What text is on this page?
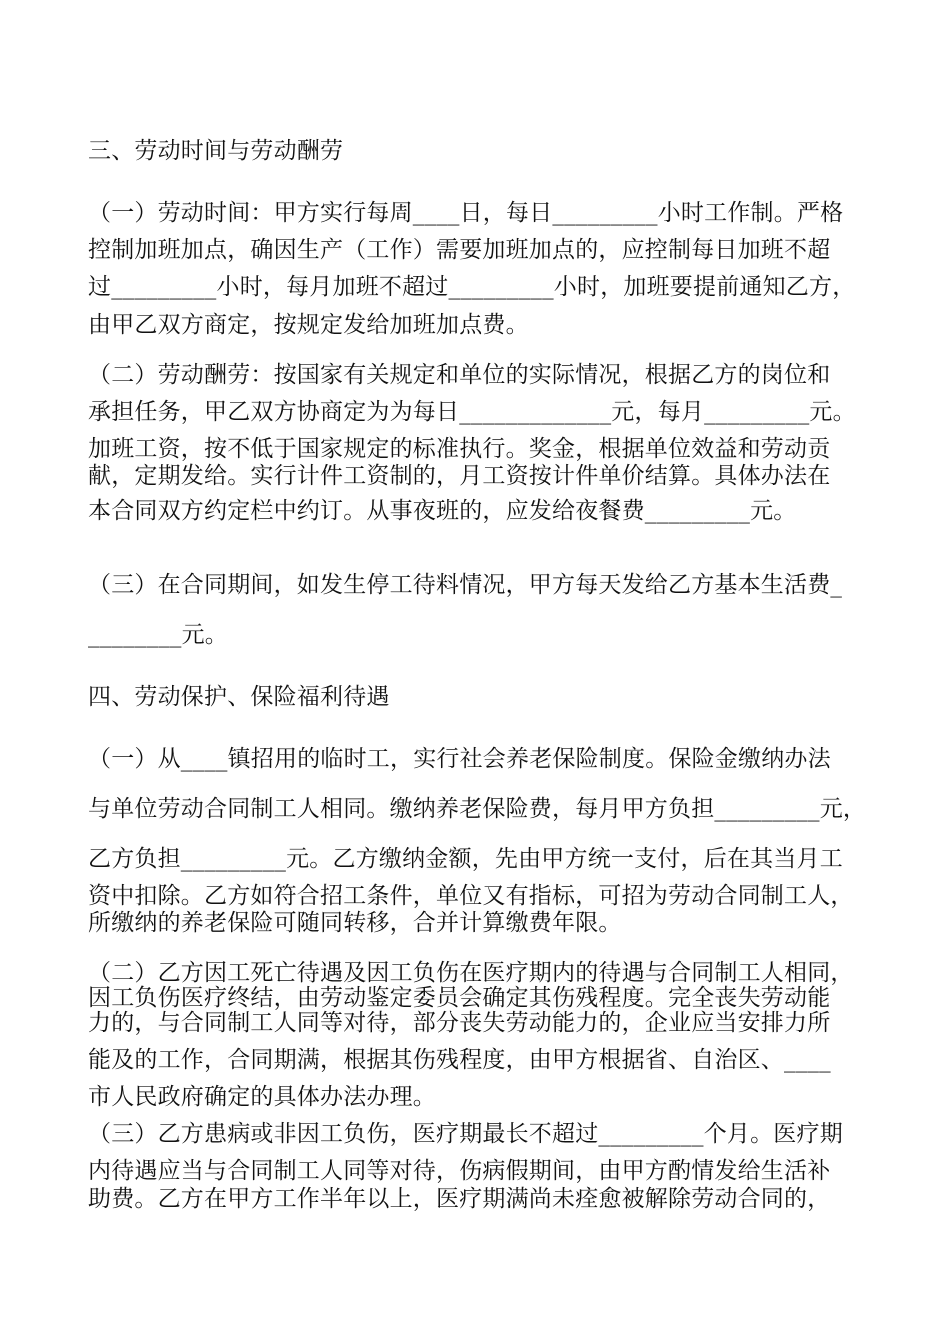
三、劳动时间与劳动酬劳
（一）劳动时间：甲方实行每周____日，每日_________小时工作制。严格
控制加班加点，确因生产（工作）需要加班加点的，应控制每日加班不超
过_________小时，每月加班不超过_________小时，加班要提前通知乙方，
由甲乙双方商定，按规定发给加班加点费。
（二）劳动酬劳：按国家有关规定和单位的实际情况，根据乙方的岗位和
承担任务，甲乙双方协商定为为每日_____________元，每月_________元。
加班工资，按不低于国家规定的标准执行。奖金，根据单位效益和劳动贡
献，定期发给。实行计件工资制的，月工资按计件单价结算。具体办法在
本合同双方约定栏中约订。从事夜班的，应发给夜餐费_________元。
（三）在合同期间，如发生停工待料情况，甲方每天发给乙方基本生活费_
________元。
四、劳动保护、保险福利待遇
（一）从____镇招用的临时工，实行社会养老保险制度。保险金缴纳办法
与单位劳动合同制工人相同。缴纳养老保险费，每月甲方负担_________元，
乙方负担_________元。乙方缴纳金额，先由甲方统一支付，后在其当月工
资中扣除。乙方如符合招工条件，单位又有指标，可招为劳动合同制工人，
所缴纳的养老保险可随同转移，合并计算缴费年限。
（二）乙方因工死亡待遇及因工负伤在医疗期内的待遇与合同制工人相同，
因工负伤医疗终结，由劳动鉴定委员会确定其伤残程度。完全丧失劳动能
力的，与合同制工人同等对待，部分丧失劳动能力的，企业应当安排力所
能及的工作，合同期满，根据其伤残程度，由甲方根据省、自治区、____
市人民政府确定的具体办法办理。
（三）乙方患病或非因工负伤，医疗期最长不超过_________个月。医疗期
内待遇应当与合同制工人同等对待，伤病假期间，由甲方酌情发给生活补
助费。乙方在甲方工作半年以上，医疗期满尚未痊愈被解除劳动合同的，
